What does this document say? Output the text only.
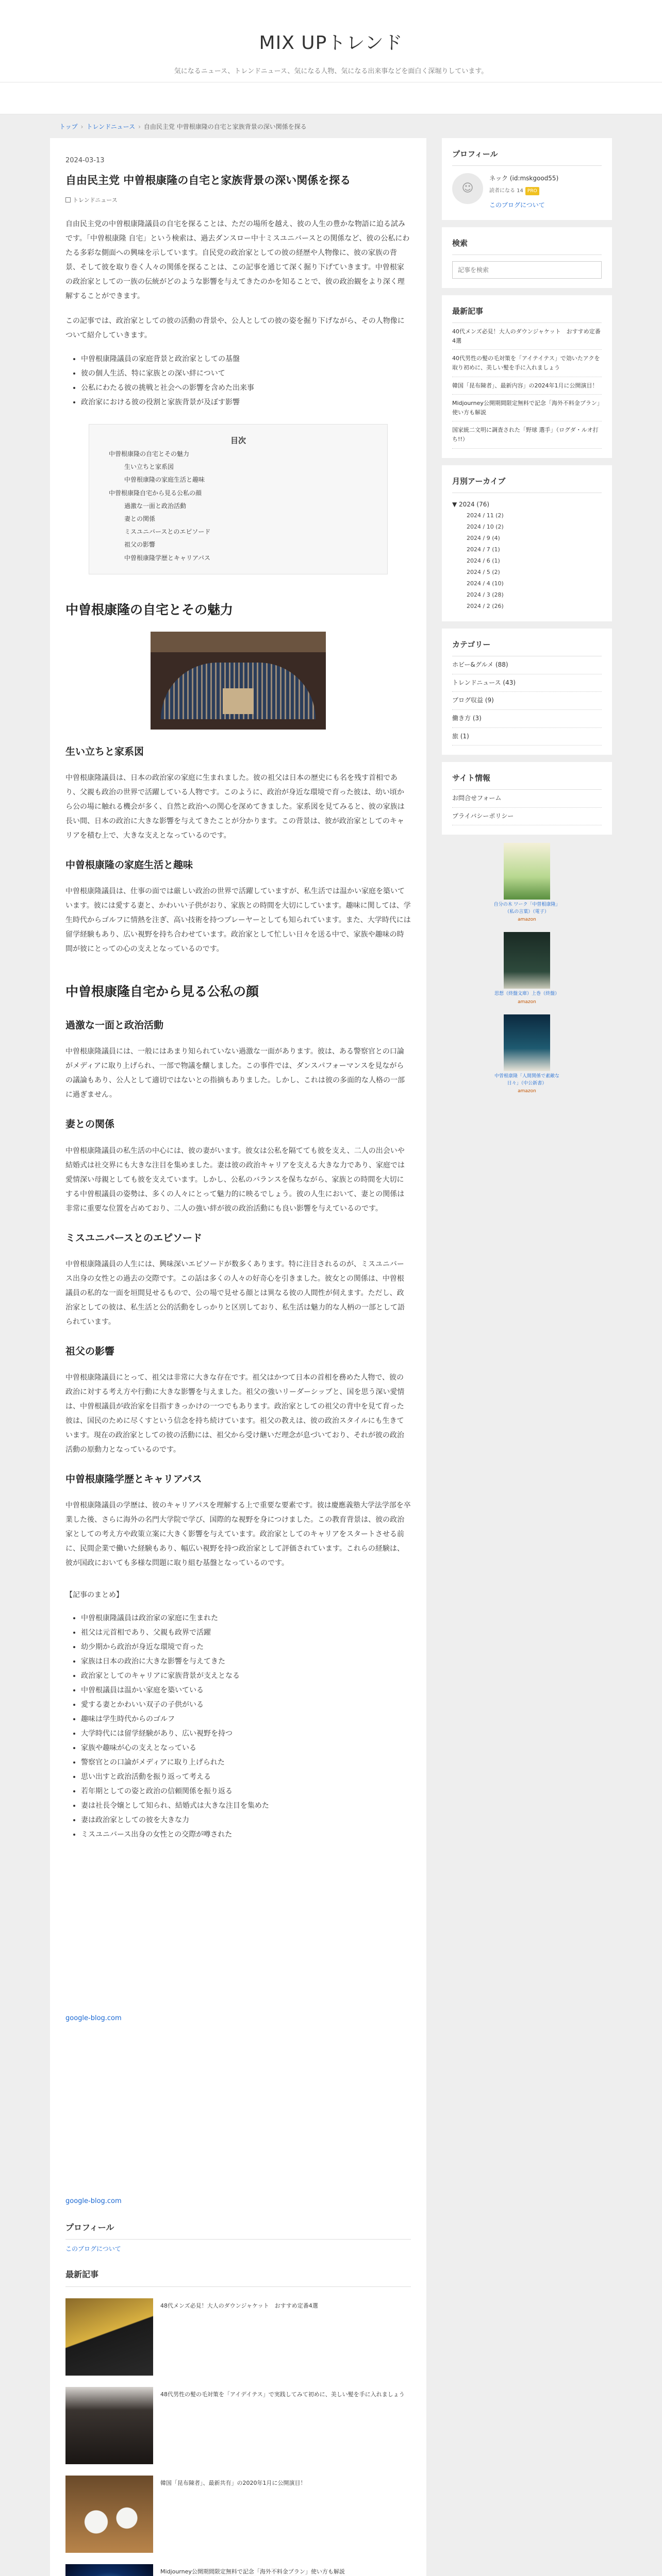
MIX UPトレンド
気になるニュース、トレンドニュース、気になる人物、気になる出来事などを面白く深堀りしています。
トップ › トレンドニュース › 自由民主党 中曽根康隆の自宅と家族背景の深い関係を探る
2024-03-13
自由民主党 中曽根康隆の自宅と家族背景の深い関係を探る
トレンドニュース

自由民主党の中曽根康隆議員の自宅を探ることは、ただの場所を越え、彼の人生の豊かな物語に迫る試みです。「中曽根康隆 自宅」という検索は、過去ダンスロー中十ミスユニバースとの関係など、彼の公私にわたる多彩な側面への興味を示しています。自民党の政治家としての彼の経歴や人物像に、彼の家族の背景、そして彼を取り巻く人々の関係を探ることは、この記事を通じて深く掘り下げていきます。中曽根家の政治家としての一族の伝統がどのような影響を与えてきたのかを知ることで、彼の政治観をより深く理解することができます。

この記事では、政治家としての彼の活動の背景や、公人としての彼の姿を掘り下げながら、その人物像について紹介していきます。

• 中曽根康隆議員の家庭背景と政治家としての基盤
• 彼の個人生活、特に家族との深い絆について
• 公私にわたる彼の挑戦と社会への影響を含めた出来事
• 政治家における彼の役割と家族背景が及ぼす影響
目次
中曽根康隆の自宅とその魅力
生い立ちと家系図
中曽根康隆の家庭生活と趣味
中曽根康隆自宅から見る公私の顔
過激な一面と政治活動
妻との関係
ミスユニバースとのエピソード
祖父の影響
中曽根康隆学歴とキャリアパス
中曽根康隆の自宅とその魅力
生い立ちと家系図

中曽根康隆議員は、日本の政治家の家庭に生まれました。彼の祖父は日本の歴史にも名を残す首相であり、父親も政治の世界で活躍している人物です。このように、政治が身近な環境で育った彼は、幼い頃から公の場に触れる機会が多く、自然と政治への関心を深めてきました。家系図を見てみると、彼の家族は長い間、日本の政治に大きな影響を与えてきたことが分かります。この背景は、彼が政治家としてのキャリアを積む上で、大きな支えとなっているのです。

中曽根康隆の家庭生活と趣味

中曽根康隆議員は、仕事の面では厳しい政治の世界で活躍していますが、私生活では温かい家庭を築いています。彼には愛する妻と、かわいい子供がおり、家族との時間を大切にしています。趣味に関しては、学生時代からゴルフに情熱を注ぎ、高い技術を持つプレーヤーとしても知られています。また、大学時代には留学経験もあり、広い視野を持ち合わせています。政治家として忙しい日々を送る中で、家族や趣味の時間が彼にとっての心の支えとなっているのです。

中曽根康隆自宅から見る公私の顔
過激な一面と政治活動

中曽根康隆議員には、一般にはあまり知られていない過激な一面があります。彼は、ある警察官との口論がメディアに取り上げられ、一部で物議を醸しました。この事件では、ダンスパフォーマンスを見ながらの議論もあり、公人として適切ではないとの指摘もありました。しかし、これは彼の多面的な人格の一部に過ぎません。

妻との関係

中曽根康隆議員の私生活の中心には、彼の妻がいます。彼女は公私を隔てても彼を支え、二人の出会いや結婚式は社交界にも大きな注目を集めました。妻は彼の政治キャリアを支える大きな力であり、家庭では愛情深い母親としても彼を支えています。しかし、公私のバランスを保ちながら、家族との時間を大切にする中曽根議員の姿勢は、多くの人々にとって魅力的に映るでしょう。彼の人生において、妻との関係は非常に重要な位置を占めており、二人の強い絆が彼の政治活動にも良い影響を与えているのです。

ミスユニバースとのエピソード

中曽根康隆議員の人生には、興味深いエピソードが数多くあります。特に注目されるのが、ミスユニバース出身の女性との過去の交際です。この話は多くの人々の好奇心を引きました。彼女との関係は、中曽根議員の私的な一面を垣間見せるもので、公の場で見せる顔とは異なる彼の人間性が伺えます。ただし、政治家としての彼は、私生活と公的活動をしっかりと区別しており、私生活は魅力的な人柄の一部として語られています。

祖父の影響

中曽根康隆議員にとって、祖父は非常に大きな存在です。祖父はかつて日本の首相を務めた人物で、彼の政治に対する考え方や行動に大きな影響を与えました。祖父の強いリーダーシップと、国を思う深い愛情は、中曽根議員が政治家を目指すきっかけの一つでもあります。政治家としての祖父の背中を見て育った彼は、国民のために尽くすという信念を持ち続けています。祖父の教えは、彼の政治スタイルにも生きています。現在の政治家としての彼の活動には、祖父から受け継いだ理念が息づいており、それが彼の政治活動の原動力となっているのです。

中曽根康隆学歴とキャリアパス

中曽根康隆議員の学歴は、彼のキャリアパスを理解する上で重要な要素です。彼は慶應義塾大学法学部を卒業した後、さらに海外の名門大学院で学び、国際的な視野を身につけました。この教育背景は、彼の政治家としての考え方や政策立案に大きく影響を与えています。政治家としてのキャリアをスタートさせる前に、民間企業で働いた経験もあり、幅広い視野を持つ政治家として評価されています。これらの経験は、彼が国政においても多様な問題に取り組む基盤となっているのです。

【記事のまとめ】
• 中曽根康隆議員は政治家の家庭に生まれた
• 祖父は元首相であり、父親も政界で活躍
• 幼少期から政治が身近な環境で育った
• 家族は日本の政治に大きな影響を与えてきた
• 政治家としてのキャリアに家族背景が支えとなる
• 中曽根議員は温かい家庭を築いている
• 愛する妻とかわいい双子の子供がいる
• 趣味は学生時代からのゴルフ
• 大学時代には留学経験があり、広い視野を持つ
• 家族や趣味が心の支えとなっている
• 警察官との口論がメディアに取り上げられた
• 思い出すと政治活動を振り返って考える
• 若年期としての姿と政治の信頼関係を振り返る
• 妻は社長令嬢として知られ、結婚式は大きな注目を集めた
• 妻は政治家としての彼を大きな力
• ミスユニバース出身の女性との交際が噂された
google-blog.com
google-blog.com
プロフィール
このブログについて
最新記事
48代メンズ必見！大人のダウンジャケット　おすすめ定番4選
48代男性の髪の毛対策を「アイデイテス」で実践してみて初めに、美しい髪を手に入れましょう
韓国「昆布陳者」、最新共有」の2020年1月に公開演目！
Midjourney公開期間限定無料で記念「海外不料金プラン」使い方も解説
プロフィール
☺
ネック (id:mskgood55)
読者になる 14 PRO
このブログについて
検索
記事を検索
最新記事
40代メンズ必見！大人のダウンジャケット　おすすめ定番4選
40代男性の髪の毛対策を「アイテイテス」で効いたアクを取り初めに、美しい髪を手に入れましょう
韓国「昆布陳者」、最新内容」の2024年1月に公開演目！
Midjourney公開期間限定無料で記念「海外不料金プラン」使い方も解説
国家統二文明に調査された「野球 選手」（ログダ・ルオ打ち!!）
月別アーカイブ
▼ 2024 (76)
2024 / 11 (2)
2024 / 10 (2)
2024 / 9 (4)
2024 / 7 (1)
2024 / 6 (1)
2024 / 5 (2)
2024 / 4 (10)
2024 / 3 (28)
2024 / 2 (26)
カテゴリー
ホビー&グルメ (88)
トレンドニュース (43)
ブログ収益 (9)
働き方 (3)
旅 (1)
サイト情報
お問合せフォーム
プライバシーポリシー
自分の木 ワーク「中曽根康隆」（私の言葉）（電子）
amazon
思想（終盤文庫）上巻（終盤）
amazon
中曽根康隆「人間関係で素敵な日々」（中公新書）
amazon
